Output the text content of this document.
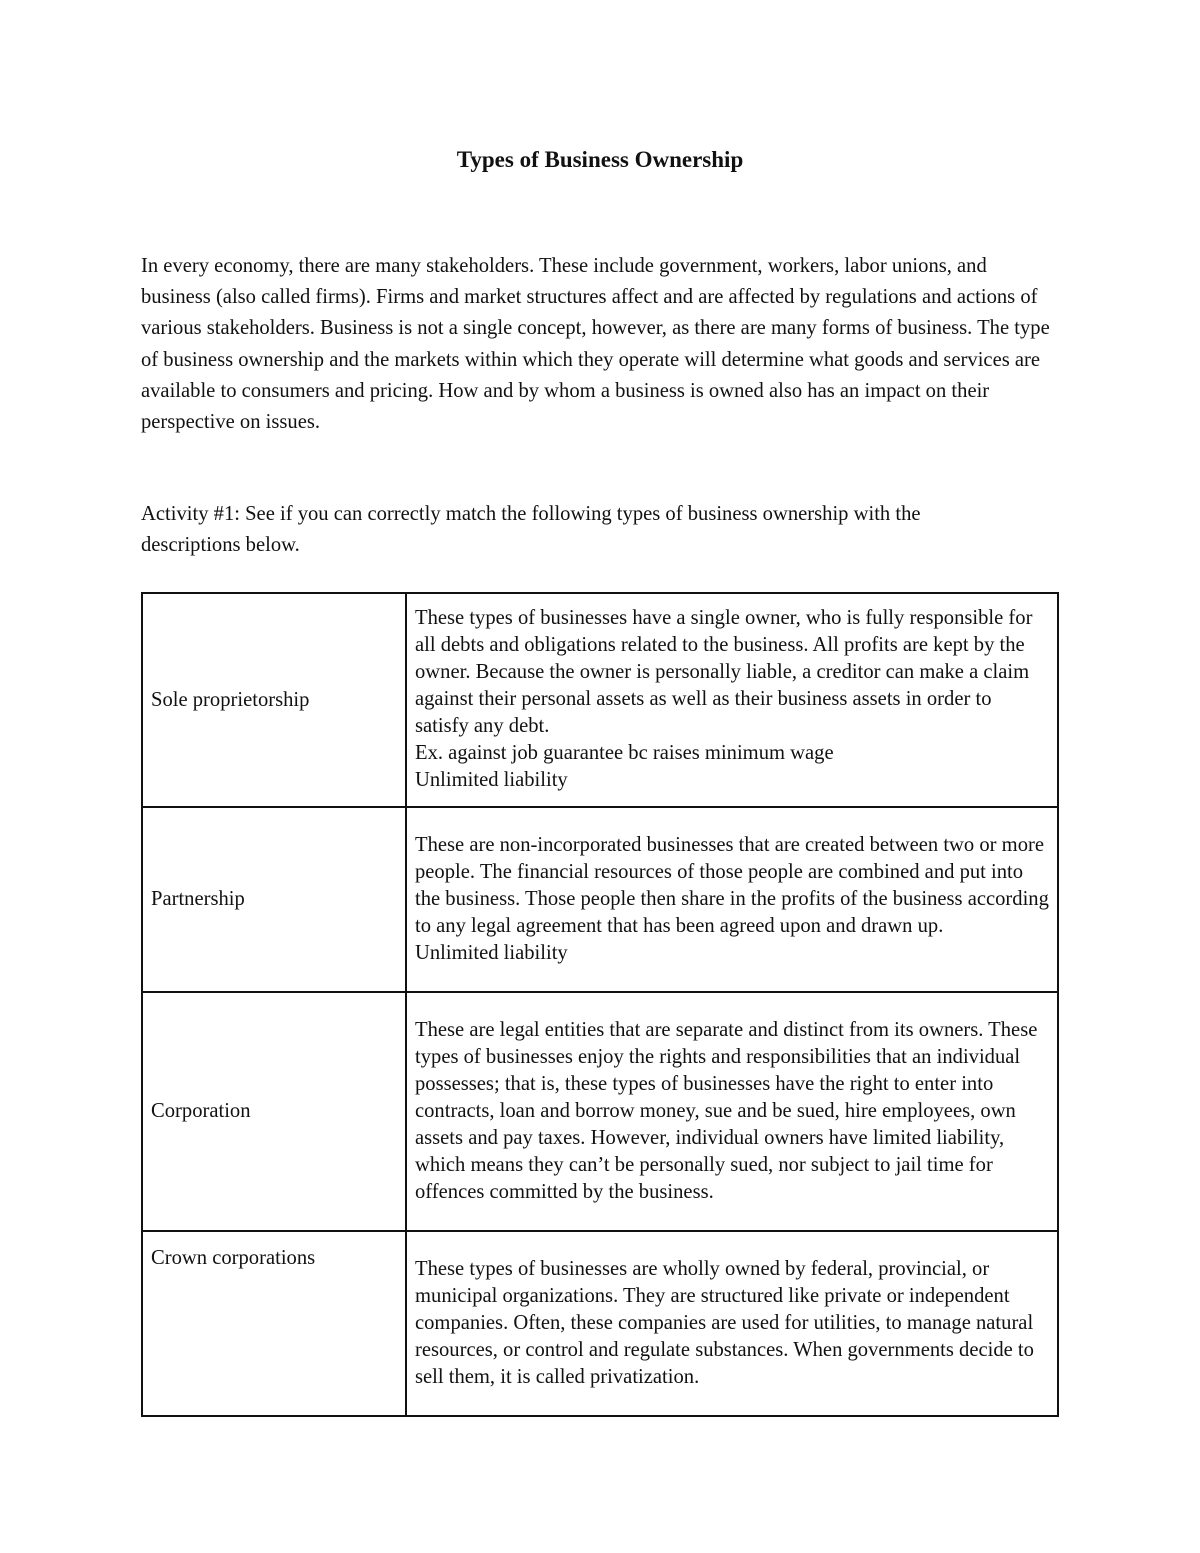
Types of Business Ownership

In every economy, there are many stakeholders. These include government, workers, labor unions, and business (also called firms). Firms and market structures affect and are affected by regulations and actions of various stakeholders. Business is not a single concept, however, as there are many forms of business. The type of business ownership and the markets within which they operate will determine what goods and services are available to consumers and pricing. How and by whom a business is owned also has an impact on their perspective on issues.

Activity #1: See if you can correctly match the following types of business ownership with the
descriptions below.

Sole proprietorship	These types of businesses have a single owner, who is fully responsible for all debts and obligations related to the business. All profits are kept by the owner. Because the owner is personally liable, a creditor can make a claim against their personal assets as well as their business assets in order to satisfy any debt.
Ex. against job guarantee bc raises minimum wage
Unlimited liability

Partnership	These are non-incorporated businesses that are created between two or more people. The financial resources of those people are combined and put into the business. Those people then share in the profits of the business according to any legal agreement that has been agreed upon and drawn up.
Unlimited liability

Corporation	These are legal entities that are separate and distinct from its owners. These types of businesses enjoy the rights and responsibilities that an individual possesses; that is, these types of businesses have the right to enter into contracts, loan and borrow money, sue and be sued, hire employees, own assets and pay taxes. However, individual owners have limited liability, which means they can’t be personally sued, nor subject to jail time for offences committed by the business.

Crown corporations	These types of businesses are wholly owned by federal, provincial, or municipal organizations. They are structured like private or independent companies. Often, these companies are used for utilities, to manage natural resources, or control and regulate substances. When governments decide to sell them, it is called privatization.
